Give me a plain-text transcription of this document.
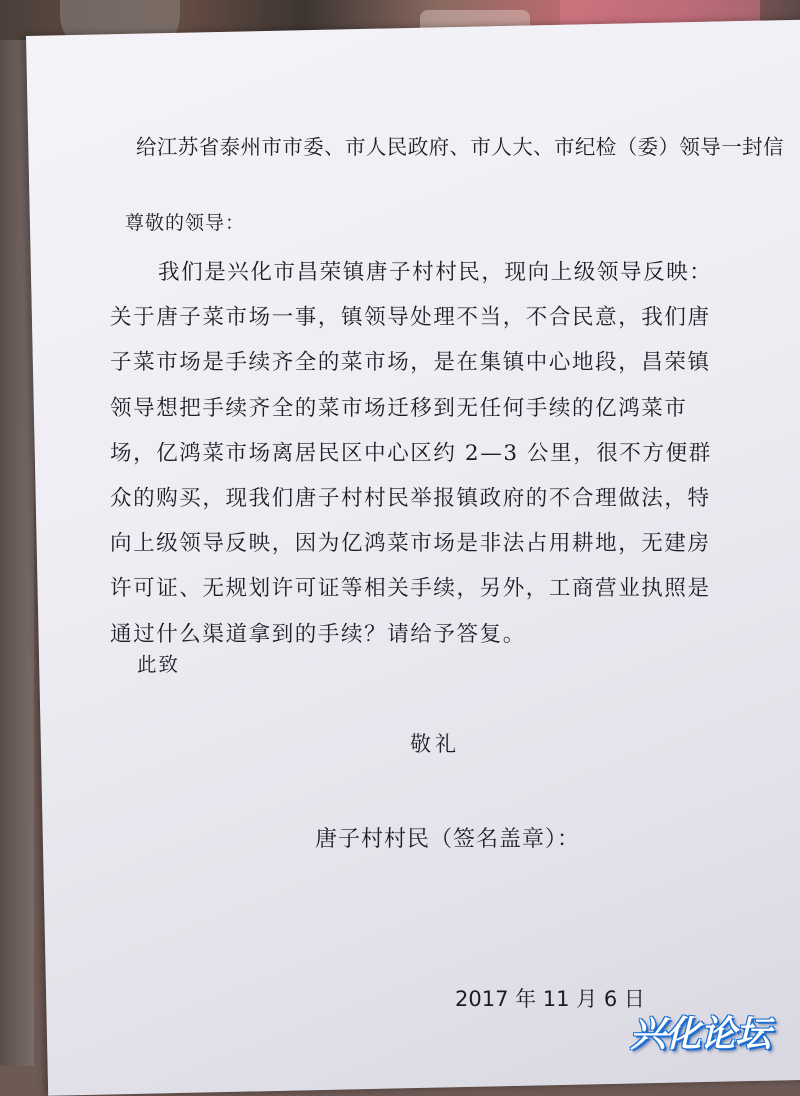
给江苏省泰州市市委、市人民政府、市人大、市纪检（委）领导一封信
尊敬的领导：
我们是兴化市昌荣镇唐子村村民，现向上级领导反映：
关于唐子菜市场一事，镇领导处理不当，不合民意，我们唐
子菜市场是手续齐全的菜市场，是在集镇中心地段，昌荣镇
领导想把手续齐全的菜市场迁移到无任何手续的亿鸿菜市
场，亿鸿菜市场离居民区中心区约 2—3 公里，很不方便群
众的购买，现我们唐子村村民举报镇政府的不合理做法，特
向上级领导反映，因为亿鸿菜市场是非法占用耕地，无建房
许可证、无规划许可证等相关手续，另外，工商营业执照是
通过什么渠道拿到的手续？请给予答复。
此致
敬礼
唐子村村民（签名盖章）：
2017 年 11 月 6 日
兴化论坛
